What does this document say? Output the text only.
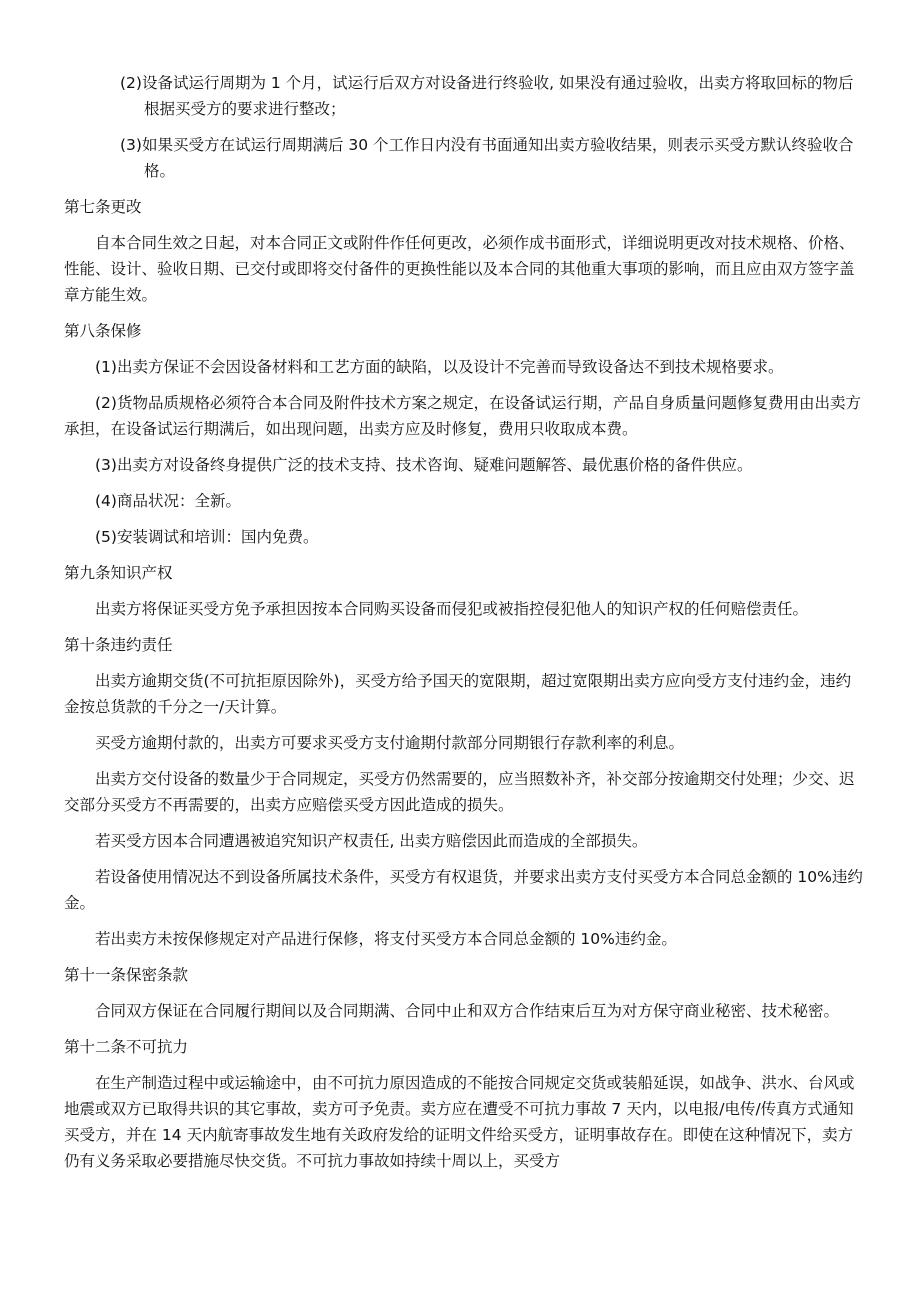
(2)设备试运行周期为 1 个月，试运行后双方对设备进行终验收, 如果没有通过验收，出卖方将取回标的物后根据买受方的要求进行整改；

(3)如果买受方在试运行周期满后 30 个工作日内没有书面通知出卖方验收结果，则表示买受方默认终验收合格。

第七条更改

自本合同生效之日起，对本合同正文或附件作任何更改，必须作成书面形式，详细说明更改对技术规格、价格、性能、设计、验收日期、已交付或即将交付备件的更换性能以及本合同的其他重大事项的影响，而且应由双方签字盖章方能生效。

第八条保修

(1)出卖方保证不会因设备材料和工艺方面的缺陷，以及设计不完善而导致设备达不到技术规格要求。

(2)货物品质规格必须符合本合同及附件技术方案之规定，在设备试运行期，产品自身质量问题修复费用由出卖方承担，在设备试运行期满后，如出现问题，出卖方应及时修复，费用只收取成本费。

(3)出卖方对设备终身提供广泛的技术支持、技术咨询、疑难问题解答、最优惠价格的备件供应。

(4)商品状况：全新。

(5)安装调试和培训：国内免费。

第九条知识产权

出卖方将保证买受方免予承担因按本合同购买设备而侵犯或被指控侵犯他人的知识产权的任何赔偿责任。

第十条违约责任

出卖方逾期交货(不可抗拒原因除外)，买受方给予国天的宽限期，超过宽限期出卖方应向受方支付违约金，违约金按总货款的千分之一/天计算。

买受方逾期付款的，出卖方可要求买受方支付逾期付款部分同期银行存款利率的利息。

出卖方交付设备的数量少于合同规定，买受方仍然需要的，应当照数补齐，补交部分按逾期交付处理；少交、迟交部分买受方不再需要的，出卖方应赔偿买受方因此造成的损失。

若买受方因本合同遭遇被追究知识产权责任, 出卖方赔偿因此而造成的全部损失。

若设备使用情况达不到设备所属技术条件，买受方有权退货，并要求出卖方支付买受方本合同总金额的 10%违约金。

若出卖方未按保修规定对产品进行保修，将支付买受方本合同总金额的 10%违约金。

第十一条保密条款

合同双方保证在合同履行期间以及合同期满、合同中止和双方合作结束后互为对方保守商业秘密、技术秘密。

第十二条不可抗力

在生产制造过程中或运输途中，由不可抗力原因造成的不能按合同规定交货或装船延误，如战争、洪水、台风或地震或双方已取得共识的其它事故，卖方可予免责。卖方应在遭受不可抗力事故 7 天内，以电报/电传/传真方式通知买受方，并在 14 天内航寄事故发生地有关政府发给的证明文件给买受方，证明事故存在。即使在这种情况下，卖方仍有义务采取必要措施尽快交货。不可抗力事故如持续十周以上，买受方
